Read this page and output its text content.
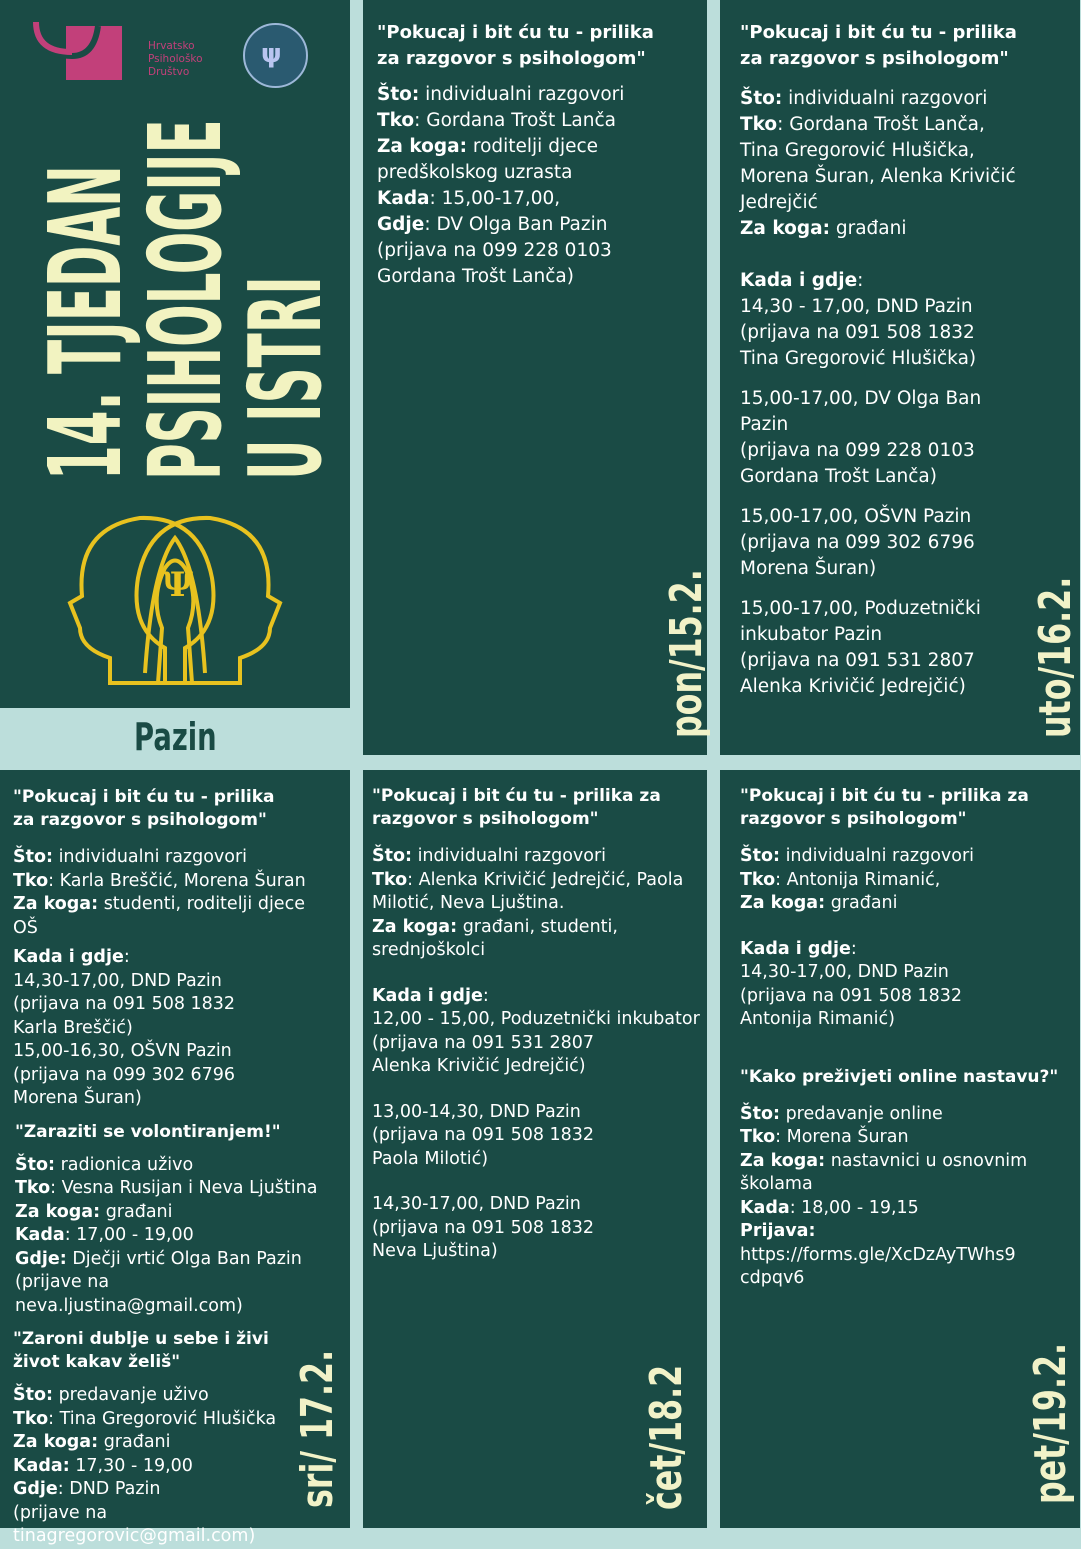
Hrvatsko
Psihološko
Društvo
ψ
14. TJEDAN
PSIHOLOGIJE
U ISTRI
Ψ
Pazin
"Pokucaj i bit ću tu - prilika za razgovor s psihologom"
Što: individualni razgovori
Tko: Gordana Trošt Lanča
Za koga: roditelji djece predškolskog uzrasta
Kada: 15,00-17,00,
Gdje: DV Olga Ban Pazin
(prijava na 099 228 0103
Gordana Trošt Lanča)
pon/15.2.
"Pokucaj i bit ću tu - prilika za razgovor s psihologom"
Što: individualni razgovori
Tko: Gordana Trošt Lanča, Tina Gregorović Hlušička, Morena Šuran, Alenka Krivičić Jedrejčić
Za koga: građani
Kada i gdje:
14,30 - 17,00, DND Pazin
(prijava na 091 508 1832
Tina Gregorović Hlušička)
15,00-17,00, DV Olga Ban Pazin
(prijava na 099 228 0103
Gordana Trošt Lanča)
15,00-17,00, OŠVN Pazin
(prijava na 099 302 6796
Morena Šuran)
15,00-17,00, Poduzetnički inkubator Pazin
(prijava na 091 531 2807
Alenka Krivičić Jedrejčić)	uto/16.2.
"Pokucaj i bit ću tu - prilika za razgovor s psihologom"
Što: individualni razgovori
Tko: Karla Breščić, Morena Šuran
Za koga: studenti, roditelji djece OŠ
Kada i gdje:
14,30-17,00, DND Pazin
(prijava na 091 508 1832
Karla Breščić)
15,00-16,30, OŠVN Pazin
(prijava na 099 302 6796
Morena Šuran)
"Zaraziti se volontiranjem!"
Što: radionica uživo
Tko: Vesna Rusijan i Neva Ljuština
Za koga: građani
Kada: 17,00 - 19,00
Gdje: Dječji vrtić Olga Ban Pazin
(prijave na neva.ljustina@gmail.com)
"Zaroni dublje u sebe i živi život kakav želiš"
Što: predavanje uživo
Tko: Tina Gregorović Hlušička
Za koga: građani
Kada: 17,30 - 19,00
Gdje: DND Pazin
(prijave na
tinagregorovic@gmail.com)
sri/ 17.2.
"Pokucaj i bit ću tu - prilika za razgovor s psihologom"
Što: individualni razgovori
Tko: Alenka Krivičić Jedrejčić, Paola Milotić, Neva Ljuština.
Za koga: građani, studenti, srednjoškolci
Kada i gdje:
12,00 - 15,00, Poduzetnički inkubator
(prijava na 091 531 2807
Alenka Krivičić Jedrejčić)
13,00-14,30, DND Pazin
(prijava na 091 508 1832
Paola Milotić)
14,30-17,00, DND Pazin
(prijava na 091 508 1832
Neva Ljuština)
čet/18.2
"Pokucaj i bit ću tu - prilika za razgovor s psihologom"
Što: individualni razgovori
Tko: Antonija Rimanić,
Za koga: građani
Kada i gdje:
14,30-17,00, DND Pazin
(prijava na 091 508 1832
Antonija Rimanić)
"Kako preživjeti online nastavu?"
Što: predavanje online
Tko: Morena Šuran
Za koga: nastavnici u osnovnim školama
Kada: 18,00 - 19,15
Prijava:
https://forms.gle/XcDzAyTWhs9cdpqv6
pet/19.2.
